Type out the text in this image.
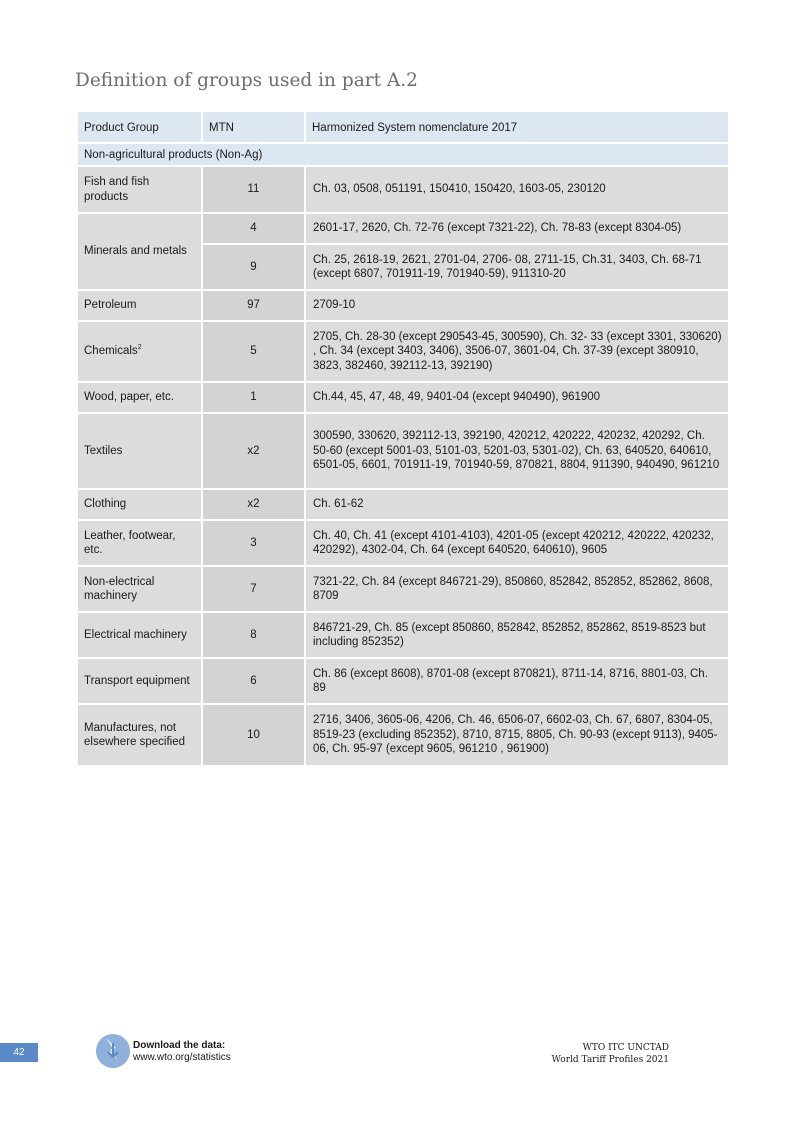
Definition of groups used in part A.2
Product Group	MTN	Harmonized System nomenclature 2017
Non-agricultural products (Non-Ag)		
Fish and fish products	11	Ch. 03, 0508, 051191, 150410, 150420, 1603-05, 230120
Minerals and metals	4	2601-17, 2620, Ch. 72-76 (except 7321-22), Ch. 78-83 (except 8304-05)
	9	Ch. 25, 2618-19, 2621, 2701-04, 2706- 08, 2711-15, Ch.31, 3403, Ch. 68-71 (except 6807, 701911-19, 701940-59), 911310-20
Petroleum	97	2709-10
Chemicals$^2$	5	2705, Ch. 28-30 (except 290543-45, 300590), Ch. 32- 33 (except 3301, 330620) , Ch. 34 (except 3403, 3406), 3506-07, 3601-04, Ch. 37-39 (except 380910, 3823, 382460, 392112-13, 392190)
Wood, paper, etc.	1	Ch.44, 45, 47, 48, 49, 9401-04 (except 940490), 961900
Textiles	x2	300590, 330620, 392112-13, 392190, 420212, 420222, 420232, 420292, Ch. 50-60 (except 5001-03, 5101-03, 5201-03, 5301-02), Ch. 63, 640520, 640610, 6501-05, 6601, 701911-19, 701940-59, 870821, 8804, 911390, 940490, 961210
Clothing	x2	Ch. 61-62
Leather, footwear, etc.	3	Ch. 40, Ch. 41 (except 4101-4103), 4201-05 (except 420212, 420222, 420232, 420292), 4302-04, Ch. 64 (except 640520, 640610), 9605
Non-electrical machinery	7	7321-22, Ch. 84 (except 846721-29), 850860, 852842, 852852, 852862, 8608, 8709
Electrical machinery	8	846721-29, Ch. 85 (except 850860, 852842, 852852, 852862, 8519-8523 but including 852352)
Transport equipment	6	Ch. 86 (except 8608), 8701-08 (except 870821), 8711-14, 8716, 8801-03, Ch. 89
Manufactures, not elsewhere specified	10	2716, 3406, 3605-06, 4206, Ch. 46, 6506-07, 6602-03, Ch. 67, 6807, 8304-05, 8519-23 (excluding 852352), 8710, 8715, 8805, Ch. 90-93 (except 9113), 9405-06, Ch. 95-97 (except 9605, 961210 , 961900)
42
Download the data:
www.wto.org/statistics
WTO ITC UNCTAD
World Tariff Profiles 2021
